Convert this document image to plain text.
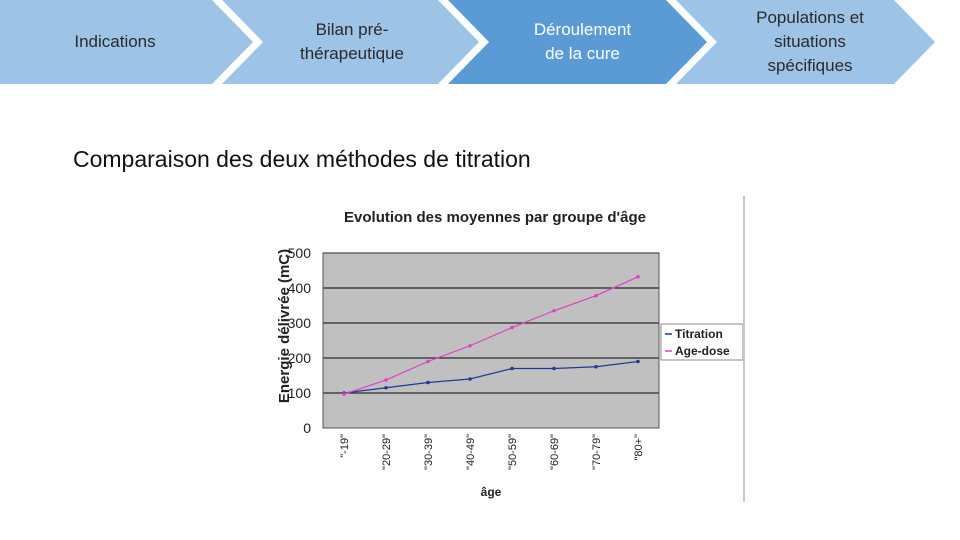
Indications
Bilan pré-
thérapeutique
Déroulement
de la cure
Populations et
situations
spécifiques
Comparaison des deux méthodes de titration
0
100
200
300
400
500
"-19"	"20-29"	"30-39"	"40-49"	"50-59"	"60-69"	"70-79"	"80+"
Evolution des moyennes par groupe d'âge
âge
Energie délivrée (mC)	Titration
Age-dose
